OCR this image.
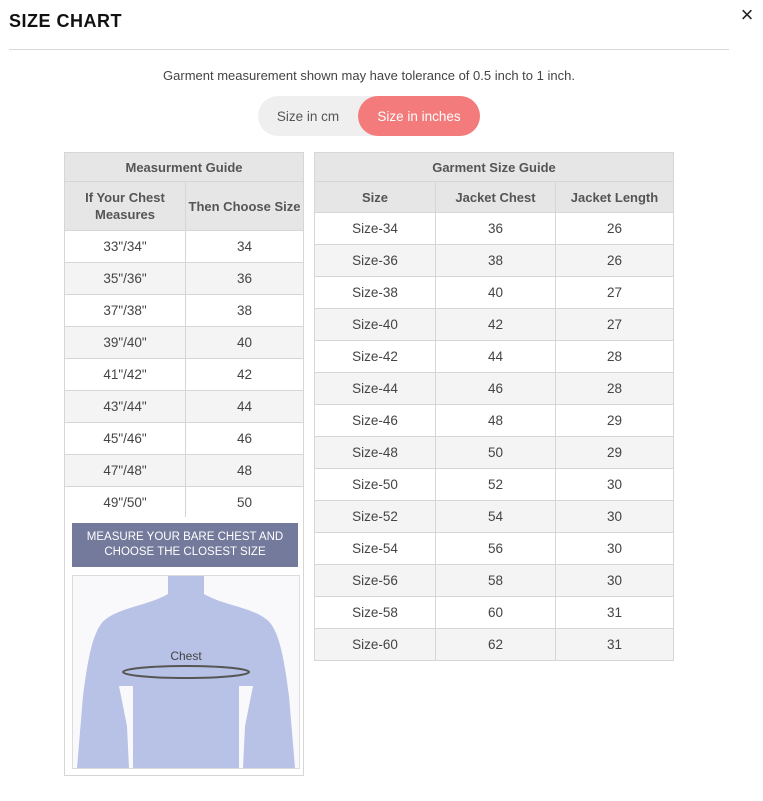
SIZE CHART	×
Garment measurement shown may have tolerance of 0.5 inch to 1 inch.
Size in cm	Size in inches
Measurment Guide	
If Your Chest Measures	Then Choose Size
33"/34"	34
35"/36"	36
37"/38"	38
39"/40"	40
41"/42"	42
43"/44"	44
45"/46"	46
47"/48"	48
49"/50"	50
MEASURE YOUR BARE CHEST AND CHOOSE THE CLOSEST SIZE
Chest
Garment Size Guide		
Size	Jacket Chest	Jacket Length
Size-34	36	26
Size-36	38	26
Size-38	40	27
Size-40	42	27
Size-42	44	28
Size-44	46	28
Size-46	48	29
Size-48	50	29
Size-50	52	30
Size-52	54	30
Size-54	56	30
Size-56	58	30
Size-58	60	31
Size-60	62	31
